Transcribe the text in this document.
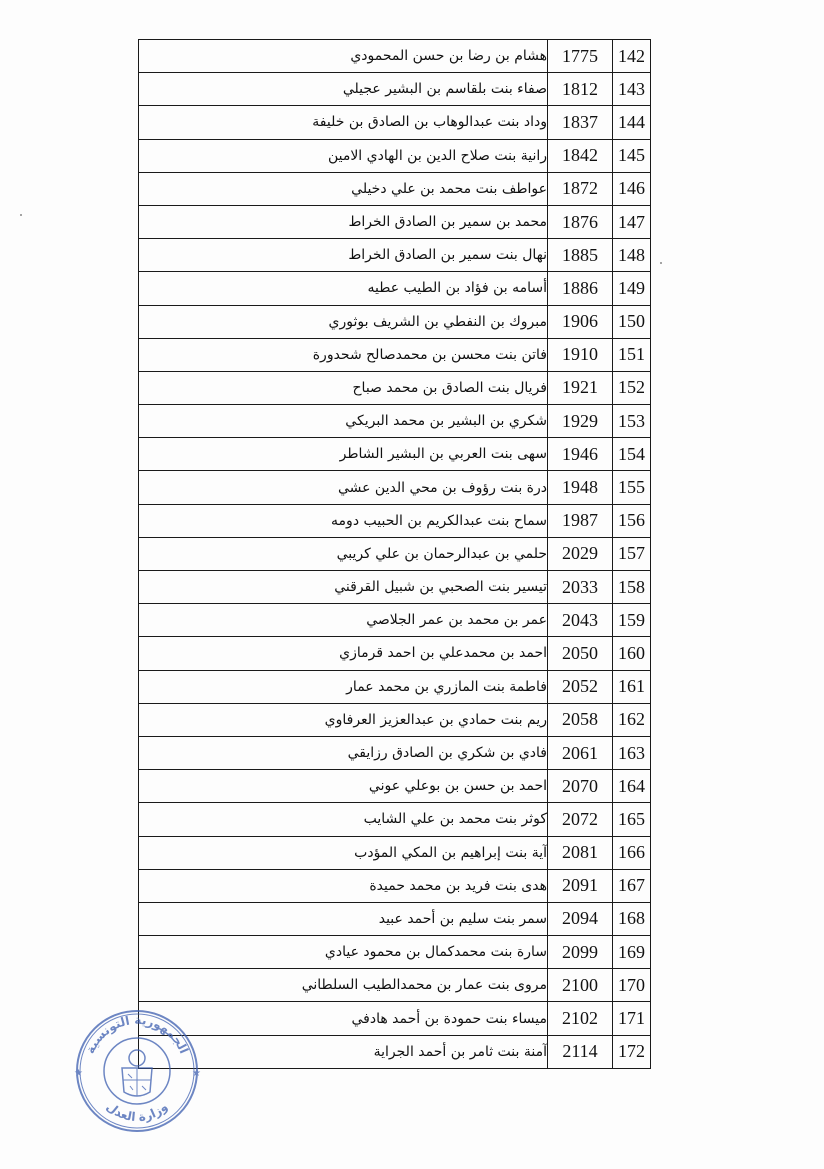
142	1775	هشام بن رضا بن حسن المحمودي
143	1812	صفاء بنت بلقاسم بن البشير عجيلي
144	1837	وداد بنت عبدالوهاب بن الصادق بن خليفة
145	1842	رانية بنت صلاح الدين بن الهادي الامين
146	1872	عواطف بنت محمد بن علي دخيلي
147	1876	محمد بن سمير بن الصادق الخراط
148	1885	نهال بنت سمير بن الصادق الخراط
149	1886	أسامه بن فؤاد بن الطيب عطيه
150	1906	مبروك بن النفطي بن الشريف بوثوري
151	1910	فاتن بنت محسن بن محمدصالح شحدورة
152	1921	فريال بنت الصادق بن محمد صباح
153	1929	شكري بن البشير بن محمد البريكي
154	1946	سهى بنت العربي بن البشير الشاطر
155	1948	درة بنت رؤوف بن محي الدين عشي
156	1987	سماح بنت عبدالكريم بن الحبيب دومه
157	2029	حلمي بن عبدالرحمان بن علي كريبي
158	2033	تيسير بنت الصحبي بن شبيل القرقني
159	2043	عمر بن محمد بن عمر الجلاصي
160	2050	احمد بن محمدعلي بن احمد قرمازي
161	2052	فاطمة بنت المازري بن محمد عمار
162	2058	ريم بنت حمادي بن عبدالعزيز العرفاوي
163	2061	فادي بن شكري بن الصادق رزايقي
164	2070	احمد بن حسن بن بوعلي عوني
165	2072	كوثر بنت محمد بن علي الشايب
166	2081	آية بنت إبراهيم بن المكي المؤدب
167	2091	هدى بنت فريد بن محمد حميدة
168	2094	سمر بنت سليم بن أحمد عبيد
169	2099	سارة بنت محمدكمال بن محمود عيادي
170	2100	مروى بنت عمار بن محمدالطيب السلطاني
171	2102	ميساء بنت حمودة بن أحمد هادفي
172	2114	آمنة بنت ثامر بن أحمد الجراية
الجمهورية التونسية
وزارة العدل
★
★
